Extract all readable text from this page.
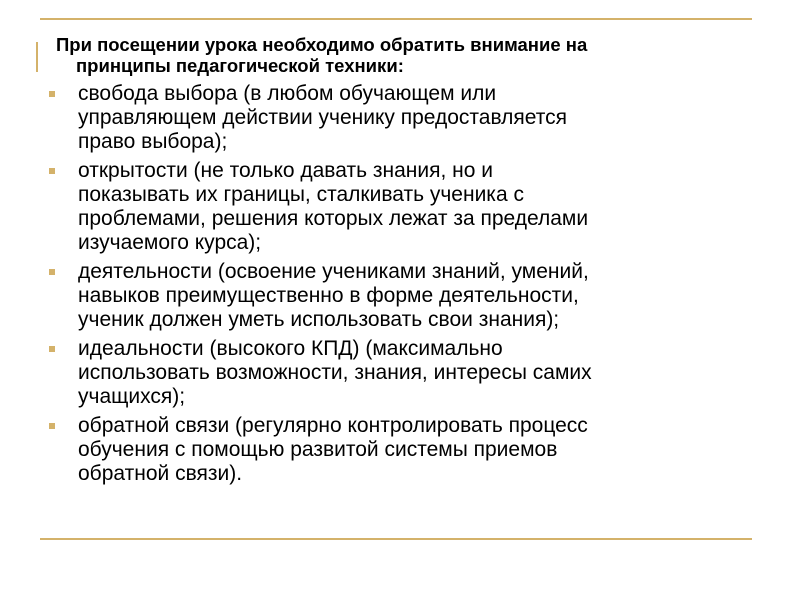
При посещении урока необходимо обратить внимание на
принципы педагогической техники:
свобода выбора (в любом обучающем или
управляющем действии ученику предоставляется
право выбора);
открытости (не только давать знания, но и
показывать их границы, сталкивать ученика с
проблемами, решения которых лежат за пределами
изучаемого курса);
деятельности (освоение учениками знаний, умений,
навыков преимущественно в форме деятельности,
ученик должен уметь использовать свои знания);
идеальности (высокого КПД) (максимально
использовать возможности, знания, интересы самих
учащихся);
обратной связи (регулярно контролировать процесс
обучения с помощью развитой системы приемов
обратной связи).
